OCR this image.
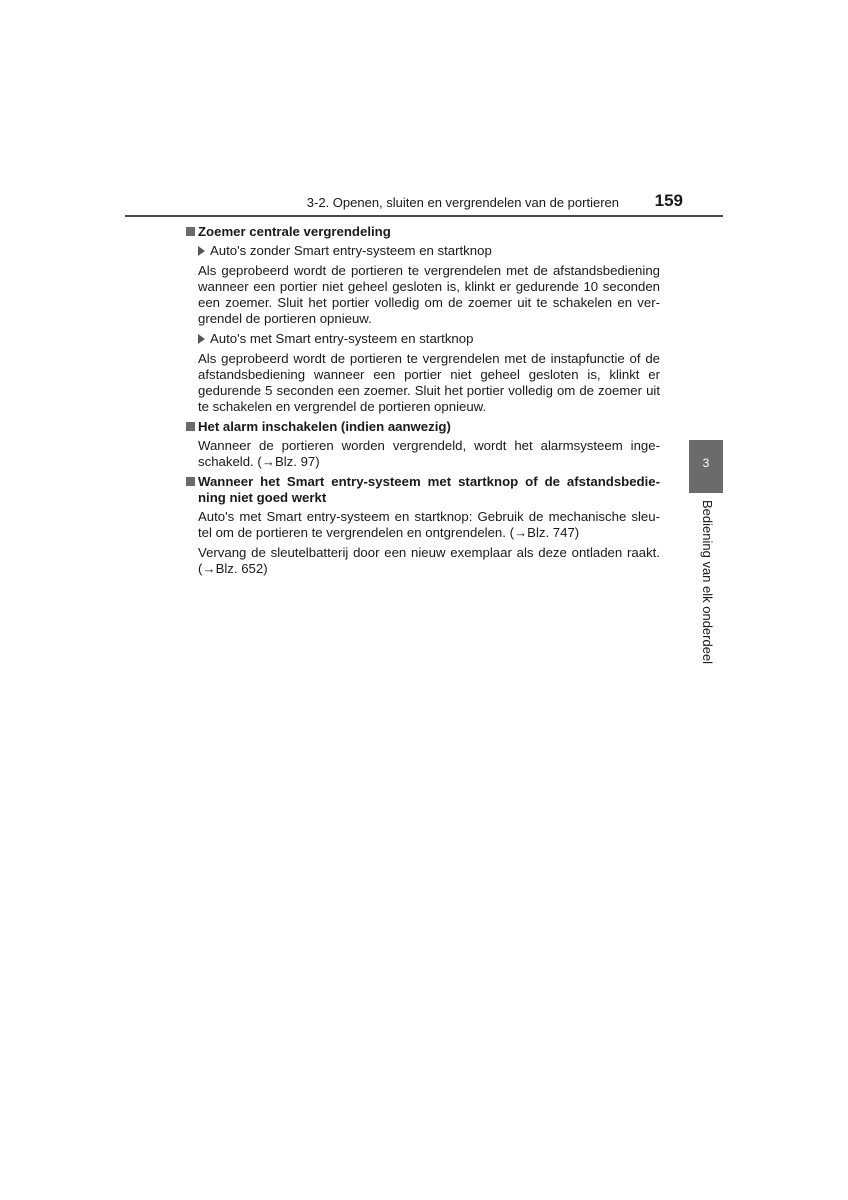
3-2. Openen, sluiten en vergrendelen van de portieren 159
Zoemer centrale vergrendeling
Auto's zonder Smart entry-systeem en startknop
Als geprobeerd wordt de portieren te vergrendelen met de afstandsbediening wanneer een portier niet geheel gesloten is, klinkt er gedurende 10 seconden een zoemer. Sluit het portier volledig om de zoemer uit te schakelen en ver-grendel de portieren opnieuw.
Auto's met Smart entry-systeem en startknop
Als geprobeerd wordt de portieren te vergrendelen met de instapfunctie of de afstandsbediening wanneer een portier niet geheel gesloten is, klinkt er gedurende 5 seconden een zoemer. Sluit het portier volledig om de zoemer uit te schakelen en vergrendel de portieren opnieuw.
Het alarm inschakelen (indien aanwezig)
Wanneer de portieren worden vergrendeld, wordt het alarmsysteem inge-schakeld. (→Blz. 97)
Wanneer het Smart entry-systeem met startknop of de afstandsbedie-ning niet goed werkt
Auto's met Smart entry-systeem en startknop: Gebruik de mechanische sleu-tel om de portieren te vergrendelen en ontgrendelen. (→Blz. 747)
Vervang de sleutelbatterij door een nieuw exemplaar als deze ontladen raakt. (→Blz. 652)
3
Bediening van elk onderdeel
